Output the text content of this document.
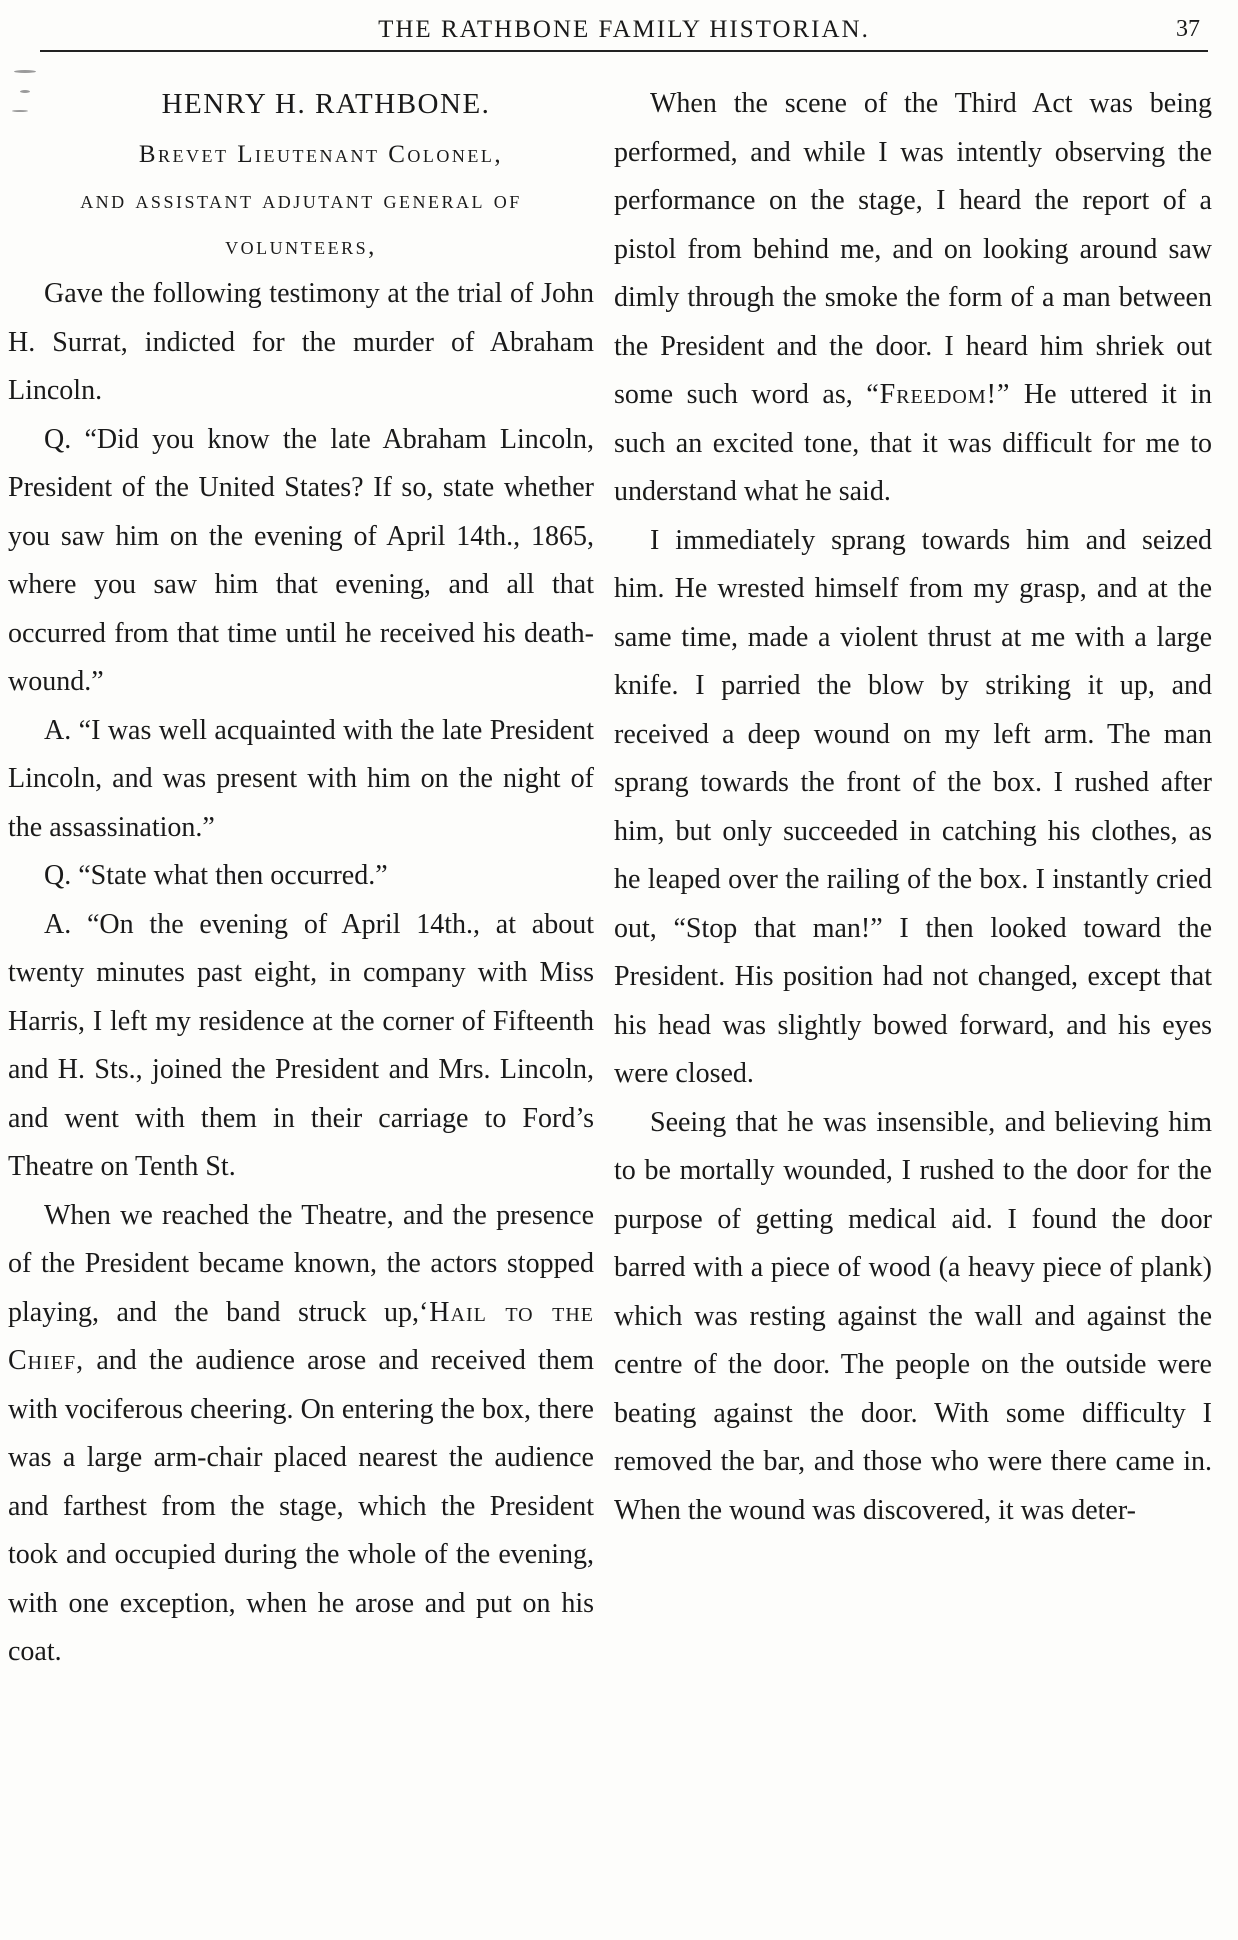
THE RATHBONE FAMILY HISTORIAN.	37
HENRY H. RATHBONE.
Brevet Lieutenant Colonel,
and assistant adjutant general of
volunteers,

Gave the following testimony at the trial of John H. Surrat, indicted for the murder of Abraham Lincoln.

Q. “Did you know the late Abraham Lincoln, President of the United States? If so, state whether you saw him on the evening of April 14th., 1865, where you saw him that evening, and all that occurred from that time until he received his death-wound.”

A. “I was well acquainted with the late President Lincoln, and was present with him on the night of the assassination.”

Q. “State what then occurred.”

A. “On the evening of April 14th., at about twenty minutes past eight, in company with Miss Harris, I left my residence at the corner of Fifteenth and H. Sts., joined the President and Mrs. Lincoln, and went with them in their carriage to Ford’s Theatre on Tenth St.

When we reached the Theatre, and the presence of the President became known, the actors stopped playing, and the band struck up,‘Hail to the Chief, and the audience arose and received them with vociferous cheering. On entering the box, there was a large arm-chair placed nearest the audience and farthest from the stage, which the President took and occupied during the whole of the evening, with one exception, when he arose and put on his coat.

When the scene of the Third Act was being performed, and while I was intently observing the performance on the stage, I heard the report of a pistol from behind me, and on looking around saw dimly through the smoke the form of a man between the President and the door. I heard him shriek out some such word as, “Freedom!” He uttered it in such an excited tone, that it was difficult for me to understand what he said.

I immediately sprang towards him and seized him. He wrested himself from my grasp, and at the same time, made a violent thrust at me with a large knife. I parried the blow by striking it up, and received a deep wound on my left arm. The man sprang towards the front of the box. I rushed after him, but only succeeded in catching his clothes, as he leaped over the railing of the box. I instantly cried out, “Stop that man!” I then looked toward the President. His position had not changed, except that his head was slightly bowed forward, and his eyes were closed.

Seeing that he was insensible, and believing him to be mortally wounded, I rushed to the door for the purpose of getting medical aid. I found the door barred with a piece of wood (a heavy piece of plank) which was resting against the wall and against the centre of the door. The people on the outside were beating against the door. With some difficulty I removed the bar, and those who were there came in. When the wound was discovered, it was deter-
